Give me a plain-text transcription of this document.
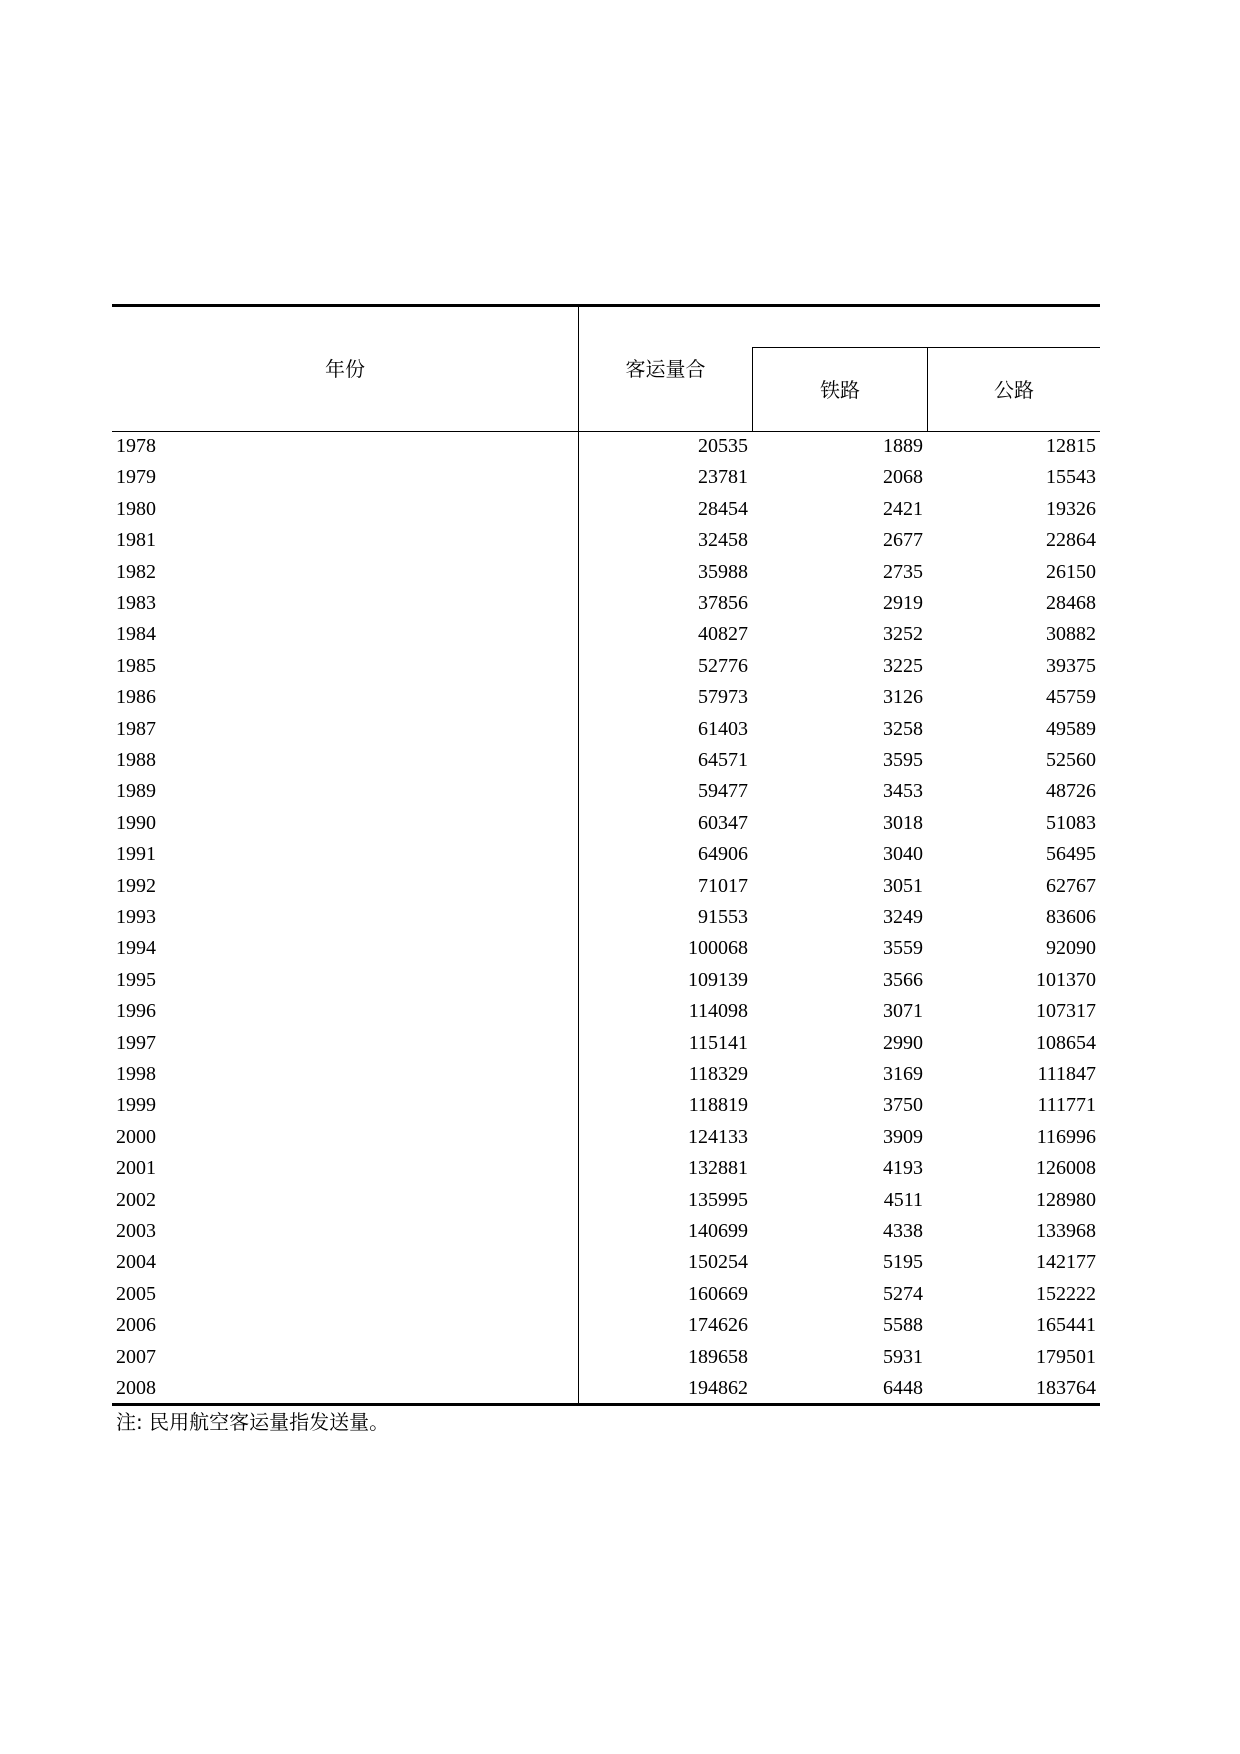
年份	客运量合
铁路	公路
1978	20535	1889	12815
1979	23781	2068	15543
1980	28454	2421	19326
1981	32458	2677	22864
1982	35988	2735	26150
1983	37856	2919	28468
1984	40827	3252	30882
1985	52776	3225	39375
1986	57973	3126	45759
1987	61403	3258	49589
1988	64571	3595	52560
1989	59477	3453	48726
1990	60347	3018	51083
1991	64906	3040	56495
1992	71017	3051	62767
1993	91553	3249	83606
1994	100068	3559	92090
1995	109139	3566	101370
1996	114098	3071	107317
1997	115141	2990	108654
1998	118329	3169	111847
1999	118819	3750	111771
2000	124133	3909	116996
2001	132881	4193	126008
2002	135995	4511	128980
2003	140699	4338	133968
2004	150254	5195	142177
2005	160669	5274	152222
2006	174626	5588	165441
2007	189658	5931	179501
2008	194862	6448	183764
注: 民用航空客运量指发送量。
